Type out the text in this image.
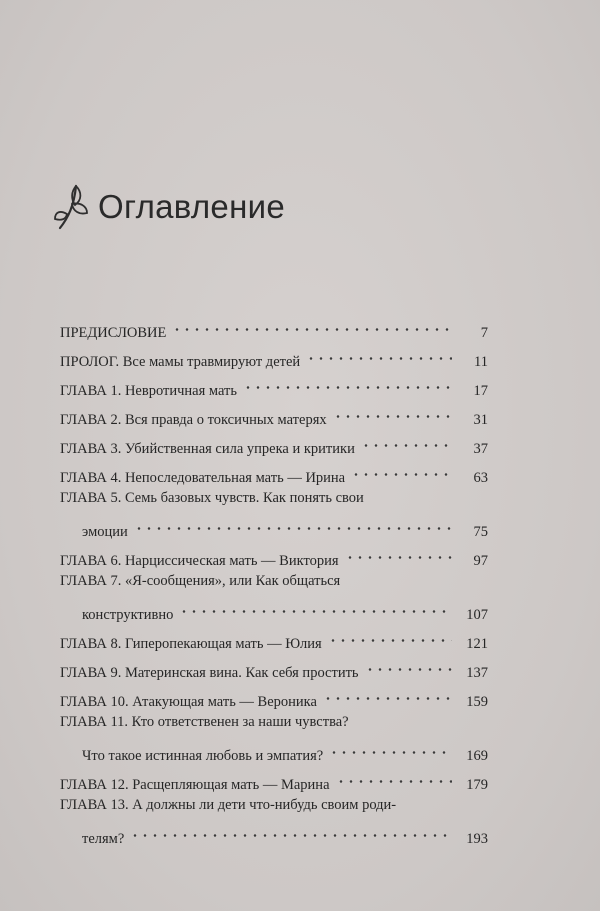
Оглавление
ПРЕДИСЛОВИЕ	7
ПРОЛОГ. Все мамы травмируют детей	11
ГЛАВА 1. Невротичная мать	17
ГЛАВА 2. Вся правда о токсичных матерях	31
ГЛАВА 3. Убийственная сила упрека и критики	37
ГЛАВА 4. Непоследовательная мать — Ирина	63
ГЛАВА 5. Семь базовых чувств. Как понять свои
эмоции	75
ГЛАВА 6. Нарциссическая мать — Виктория	97
ГЛАВА 7. «Я-сообщения», или Как общаться
конструктивно	107
ГЛАВА 8. Гиперопекающая мать — Юлия	121
ГЛАВА 9. Материнская вина. Как себя простить	137
ГЛАВА 10. Атакующая мать — Вероника	159
ГЛАВА 11. Кто ответственен за наши чувства?
Что такое истинная любовь и эмпатия?	169
ГЛАВА 12. Расщепляющая мать — Марина	179
ГЛАВА 13. А должны ли дети что-нибудь своим роди-
телям?	193
